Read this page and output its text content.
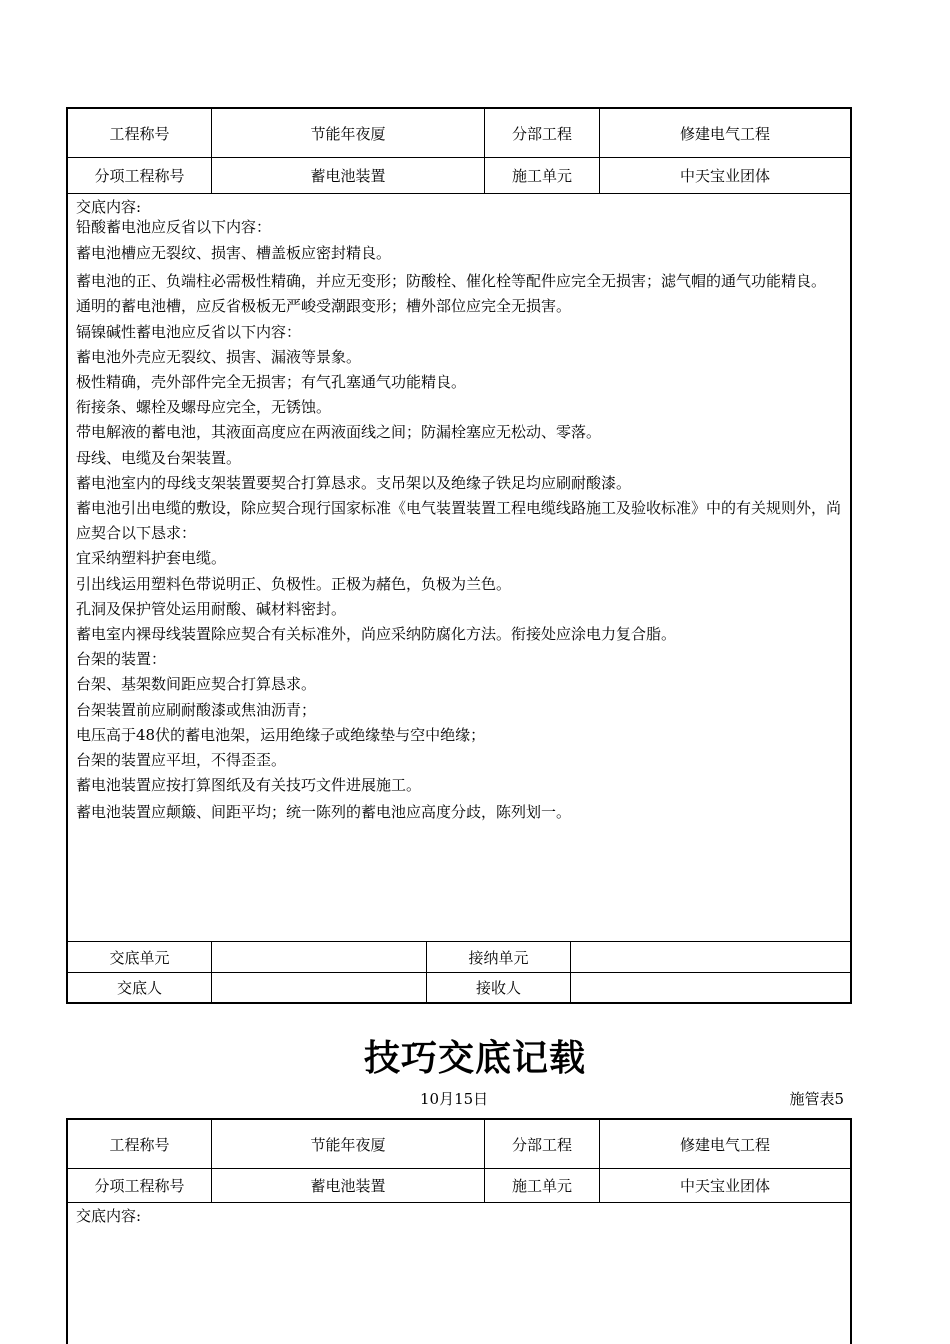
工程称号	节能年夜厦	分部工程	修建电气工程
分项工程称号	蓄电池装置	施工单元	中天宝业团体

交底内容:

铅酸蓄电池应反省以下内容：

蓄电池槽应无裂纹、损害、槽盖板应密封精良。

蓄电池的正、负端柱必需极性精确，并应无变形；防酸栓、催化栓等配件应完全无损害；滤气帽的通气功能精良。

通明的蓄电池槽，应反省极板无严峻受潮跟变形；槽外部位应完全无损害。

镉镍碱性蓄电池应反省以下内容：

蓄电池外壳应无裂纹、损害、漏液等景象。

极性精确，壳外部件完全无损害；有气孔塞通气功能精良。

衔接条、螺栓及螺母应完全，无锈蚀。

带电解液的蓄电池，其液面高度应在两液面线之间；防漏栓塞应无松动、零落。

母线、电缆及台架装置。

蓄电池室内的母线支架装置要契合打算恳求。支吊架以及绝缘子铁足均应刷耐酸漆。

蓄电池引出电缆的敷设，除应契合现行国家标准《电气装置装置工程电缆线路施工及验收标准》中的有关规则外，尚应契合以下恳求：

宜采纳塑料护套电缆。

引出线运用塑料色带说明正、负极性。正极为赭色，负极为兰色。

孔洞及保护管处运用耐酸、碱材料密封。

蓄电室内裸母线装置除应契合有关标准外，尚应采纳防腐化方法。衔接处应涂电力复合脂。

台架的装置：

台架、基架数间距应契合打算恳求。

台架装置前应刷耐酸漆或焦油沥青；

电压高于48伏的蓄电池架，运用绝缘子或绝缘垫与空中绝缘；

台架的装置应平坦，不得歪歪。

蓄电池装置应按打算图纸及有关技巧文件进展施工。

蓄电池装置应颠簸、间距平均；统一陈列的蓄电池应高度分歧，陈列划一。

交底单元	接纳单元
交底人	接收人
技巧交底记载
10月15日	施管表5
工程称号	节能年夜厦	分部工程	修建电气工程
分项工程称号	蓄电池装置	施工单元	中天宝业团体

交底内容:
